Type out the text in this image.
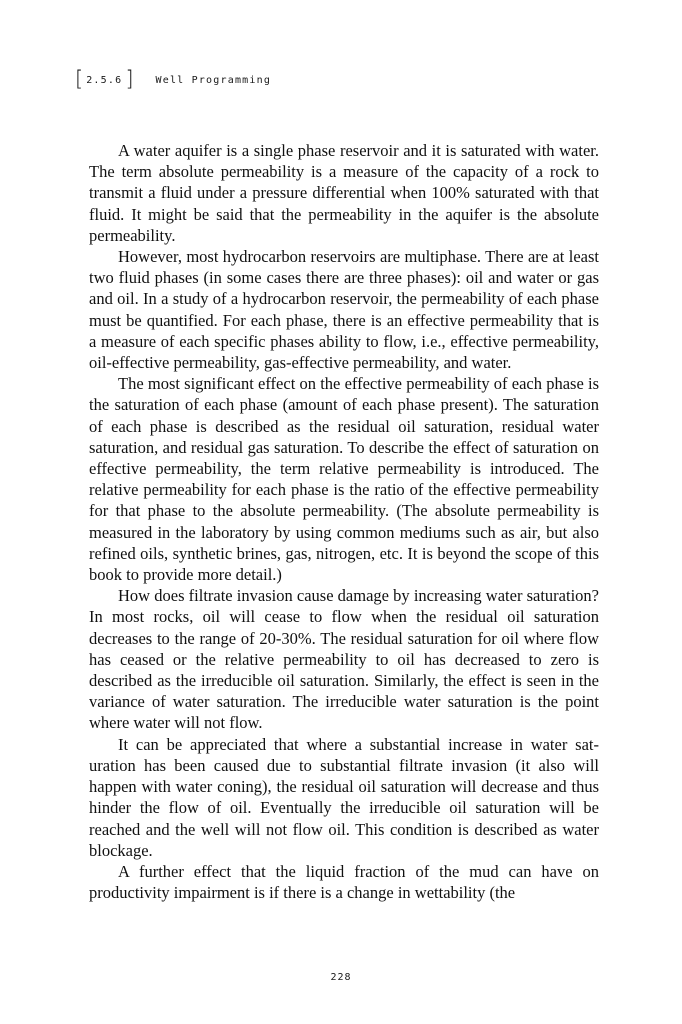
[ 2.5.6 ] Well Programming

A water aquifer is a single phase reservoir and it is saturated with water. The term absolute permeability is a measure of the capacity of a rock to transmit a fluid under a pressure differential when 100% saturated with that fluid. It might be said that the permeability in the aquifer is the absolute permeability.

However, most hydrocarbon reservoirs are multiphase. There are at least two fluid phases (in some cases there are three phases): oil and water or gas and oil. In a study of a hydrocarbon reservoir, the permeability of each phase must be quantified. For each phase, there is an effective permeability that is a measure of each specific phases ability to flow, i.e., effective permeability, oil-effective permeability, gas-effective permeability, and water.

The most significant effect on the effective permeability of each phase is the saturation of each phase (amount of each phase present). The saturation of each phase is described as the residual oil saturation, residual water saturation, and residual gas saturation. To describe the effect of saturation on effective permeability, the term relative permeability is introduced. The relative permeability for each phase is the ratio of the effective permeability for that phase to the absolute permeability. (The absolute permeability is measured in the laboratory by using common mediums such as air, but also refined oils, synthetic brines, gas, nitrogen, etc. It is beyond the scope of this book to provide more detail.)

How does filtrate invasion cause damage by increasing water saturation? In most rocks, oil will cease to flow when the residual oil saturation decreases to the range of 20-30%. The residual saturation for oil where flow has ceased or the relative permeability to oil has decreased to zero is described as the irreducible oil saturation. Similarly, the effect is seen in the variance of water saturation. The irreducible water saturation is the point where water will not flow.

It can be appreciated that where a substantial increase in water saturation has been caused due to substantial filtrate invasion (it also will happen with water coning), the residual oil saturation will decrease and thus hinder the flow of oil. Eventually the irreducible oil saturation will be reached and the well will not flow oil. This condition is described as water blockage.

A further effect that the liquid fraction of the mud can have on productivity impairment is if there is a change in wettability (the

228
